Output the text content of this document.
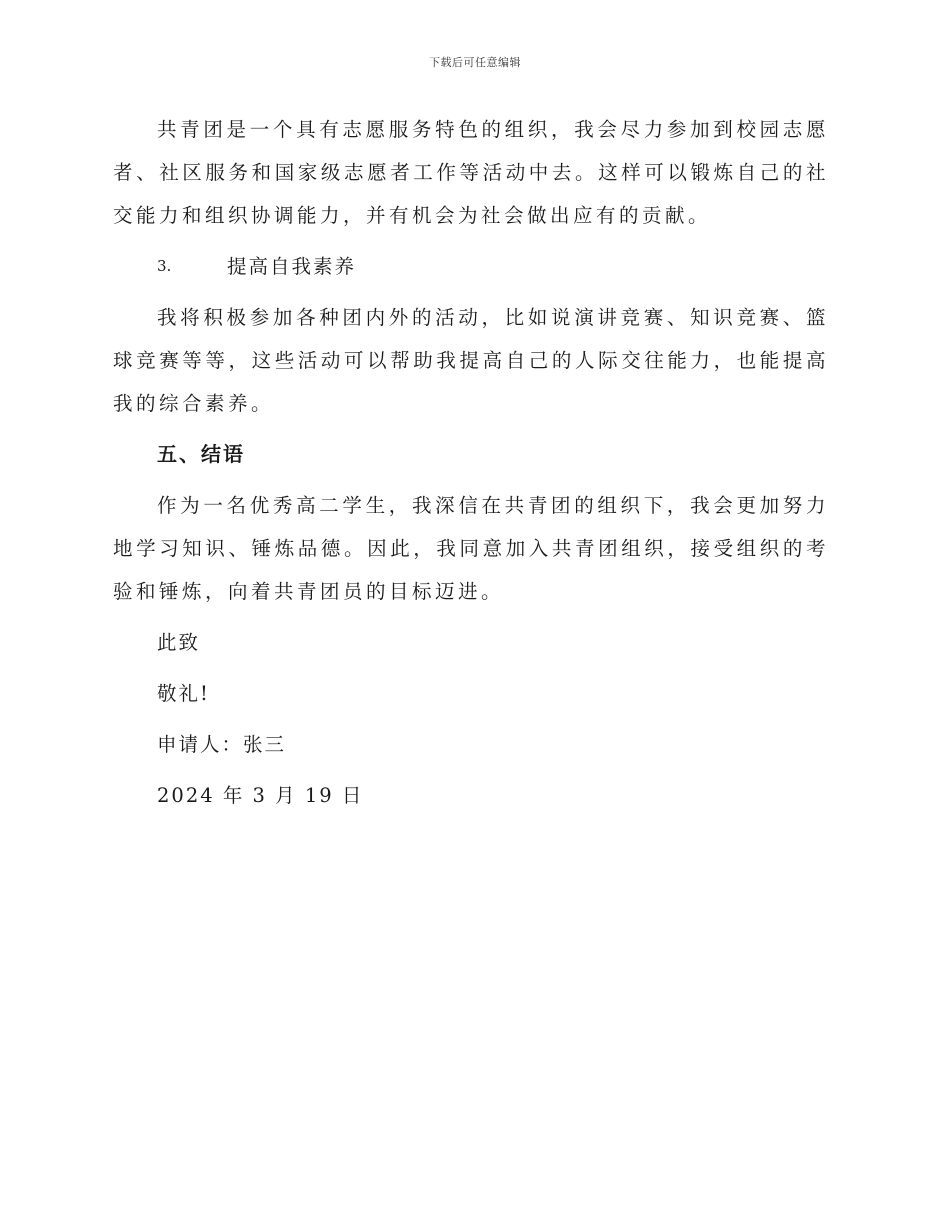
下载后可任意编辑

共青团是一个具有志愿服务特色的组织，我会尽力参加到校园志愿者、社区服务和国家级志愿者工作等活动中去。这样可以锻炼自己的社交能力和组织协调能力，并有机会为社会做出应有的贡献。

3.	提高自我素养

我将积极参加各种团内外的活动，比如说演讲竞赛、知识竞赛、篮球竞赛等等，这些活动可以帮助我提高自己的人际交往能力，也能提高我的综合素养。

五、结语

作为一名优秀高二学生，我深信在共青团的组织下，我会更加努力地学习知识、锤炼品德。因此，我同意加入共青团组织，接受组织的考验和锤炼，向着共青团员的目标迈进。

此致
敬礼!
申请人：张三
2024 年 3 月 19 日
